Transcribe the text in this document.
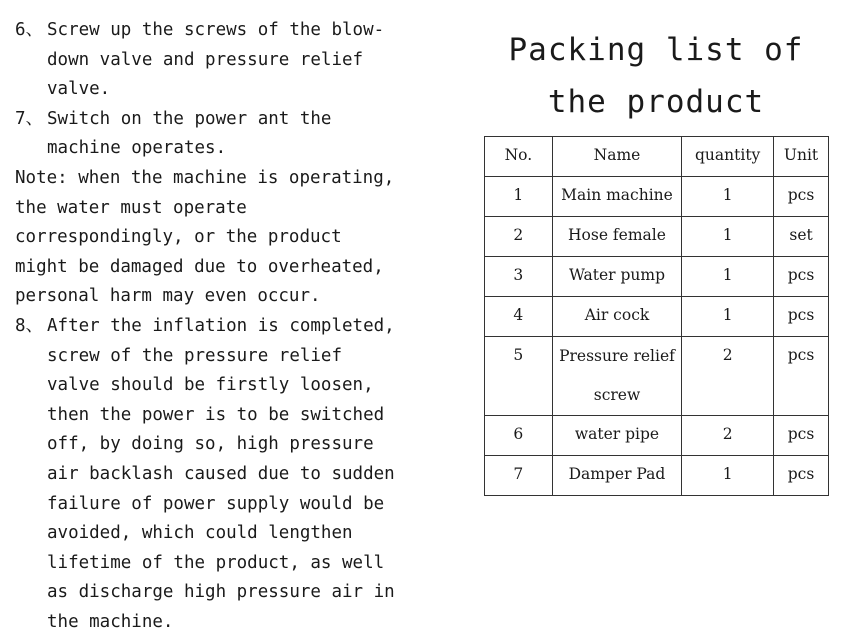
6、 Screw up the screws of the blow-down valve and pressure relief valve.
7、 Switch on the power ant the machine operates.

Note: when the machine is operating, the water must operate correspondingly, or the product might be damaged due to overheated, personal harm may even occur.

8、 After the inflation is completed, screw of the pressure relief valve should be firstly loosen, then the power is to be switched off, by doing so, high pressure air backlash caused due to sudden failure of power supply would be avoided, which could lengthen lifetime of the product, as well as discharge high pressure air in the machine.
Packing list of the product
No.	Name	quantity	Unit
1	Main machine	1	pcs
2	Hose female	1	set
3	Water pump	1	pcs
4	Air cock	1	pcs
5	Pressure relief screw	2	pcs
6	water pipe	2	pcs
7	Damper Pad	1	pcs
